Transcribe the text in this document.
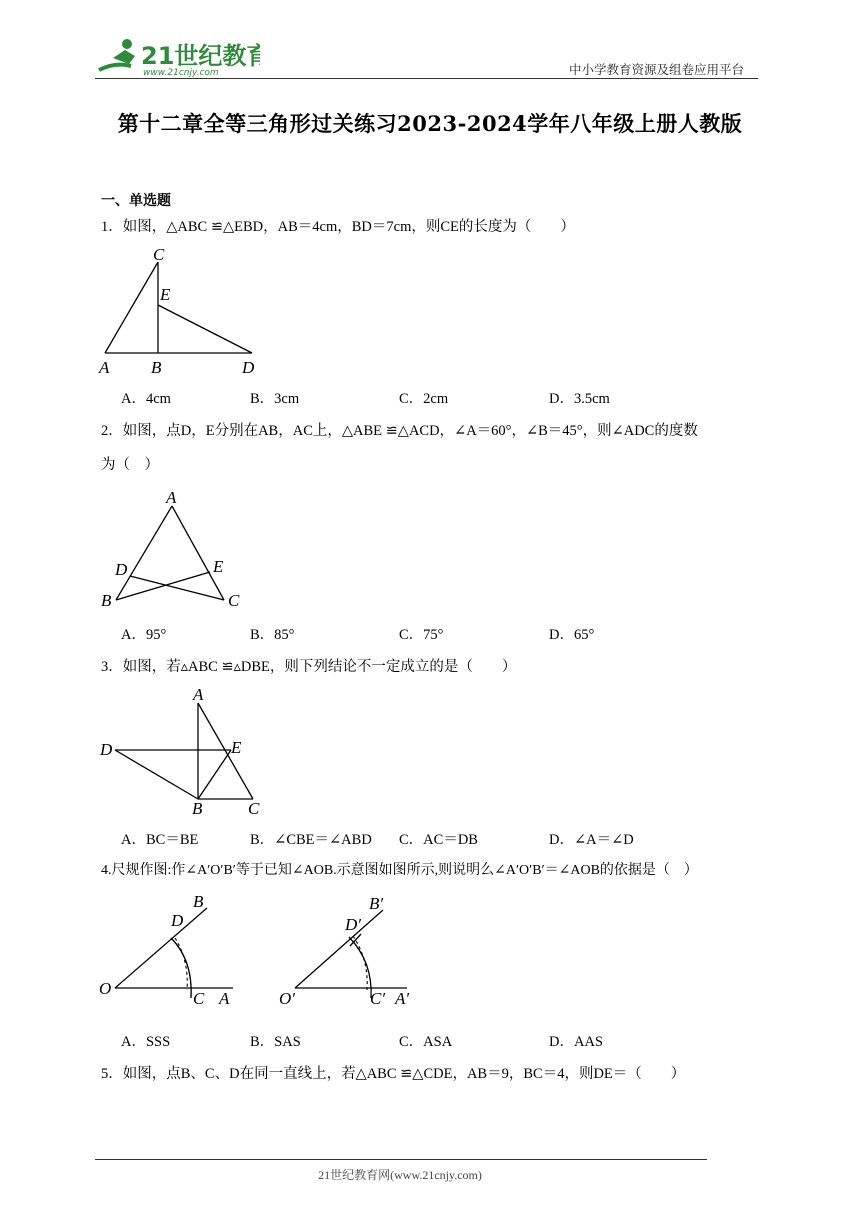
21世纪教育
www.21cnjy.com	中小学教育资源及组卷应用平台
第十二章全等三角形过关练习2023-2024学年八年级上册人教版
一、单选题
1．如图，△ABC ≌△EBD，AB＝4cm，BD＝7cm，则CE的长度为（　　）
C
E
A B	D
A．4cm	B．3cm	C．2cm	D．3.5cm
2．如图，点D，E分别在AB，AC上，△ABE ≌△ACD，∠A＝60°，∠B＝45°，则∠ADC的度数
为（　）
A
D	E
B	C
A．95°	B．85°	C．75°	D．65°
3．如图，若▵ABC ≌▵DBE，则下列结论不一定成立的是（　　）
A
D	E
B	C
A．BC＝BE	B．∠CBE＝∠ABD C．AC＝DB	D．∠A＝∠D
4.尺规作图:作∠A′O′B′等于已知∠AOB.示意图如图所示,则说明么∠A′O′B′＝∠AOB的依据是（　）
B
D
O
C A
B′
D′
O′	C′ A′
A．SSS	B．SAS	C．ASA	D．AAS
5．如图，点B、C、D在同一直线上，若△ABC ≌△CDE，AB＝9，BC＝4，则DE＝（　　）
21世纪教育网(www.21cnjy.com)
